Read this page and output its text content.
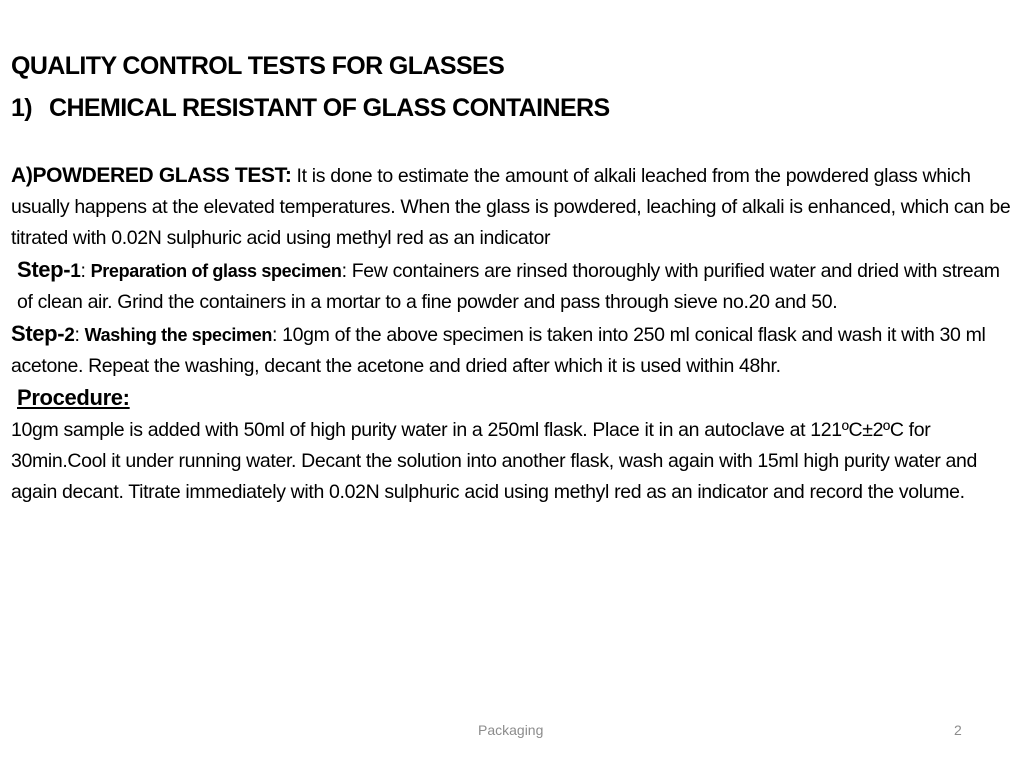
QUALITY CONTROL TESTS FOR GLASSES
1) CHEMICAL RESISTANT OF GLASS CONTAINERS

A)POWDERED GLASS TEST: It is done to estimate the amount of alkali leached from the powdered glass which usually happens at the elevated temperatures. When the glass is powdered, leaching of alkali is enhanced, which can be titrated with 0.02N sulphuric acid using methyl red as an indicator

Step-1: Preparation of glass specimen: Few containers are rinsed thoroughly with purified water and dried with stream of clean air. Grind the containers in a mortar to a fine powder and pass through sieve no.20 and 50.

Step-2: Washing the specimen: 10gm of the above specimen is taken into 250 ml conical flask and wash it with 30 ml acetone. Repeat the washing, decant the acetone and dried after which it is used within 48hr.

Procedure:

10gm sample is added with 50ml of high purity water in a 250ml flask. Place it in an autoclave at 121ºC±2ºC for 30min.Cool it under running water. Decant the solution into another flask, wash again with 15ml high purity water and again decant. Titrate immediately with 0.02N sulphuric acid using methyl red as an indicator and record the volume.

Packaging	2
